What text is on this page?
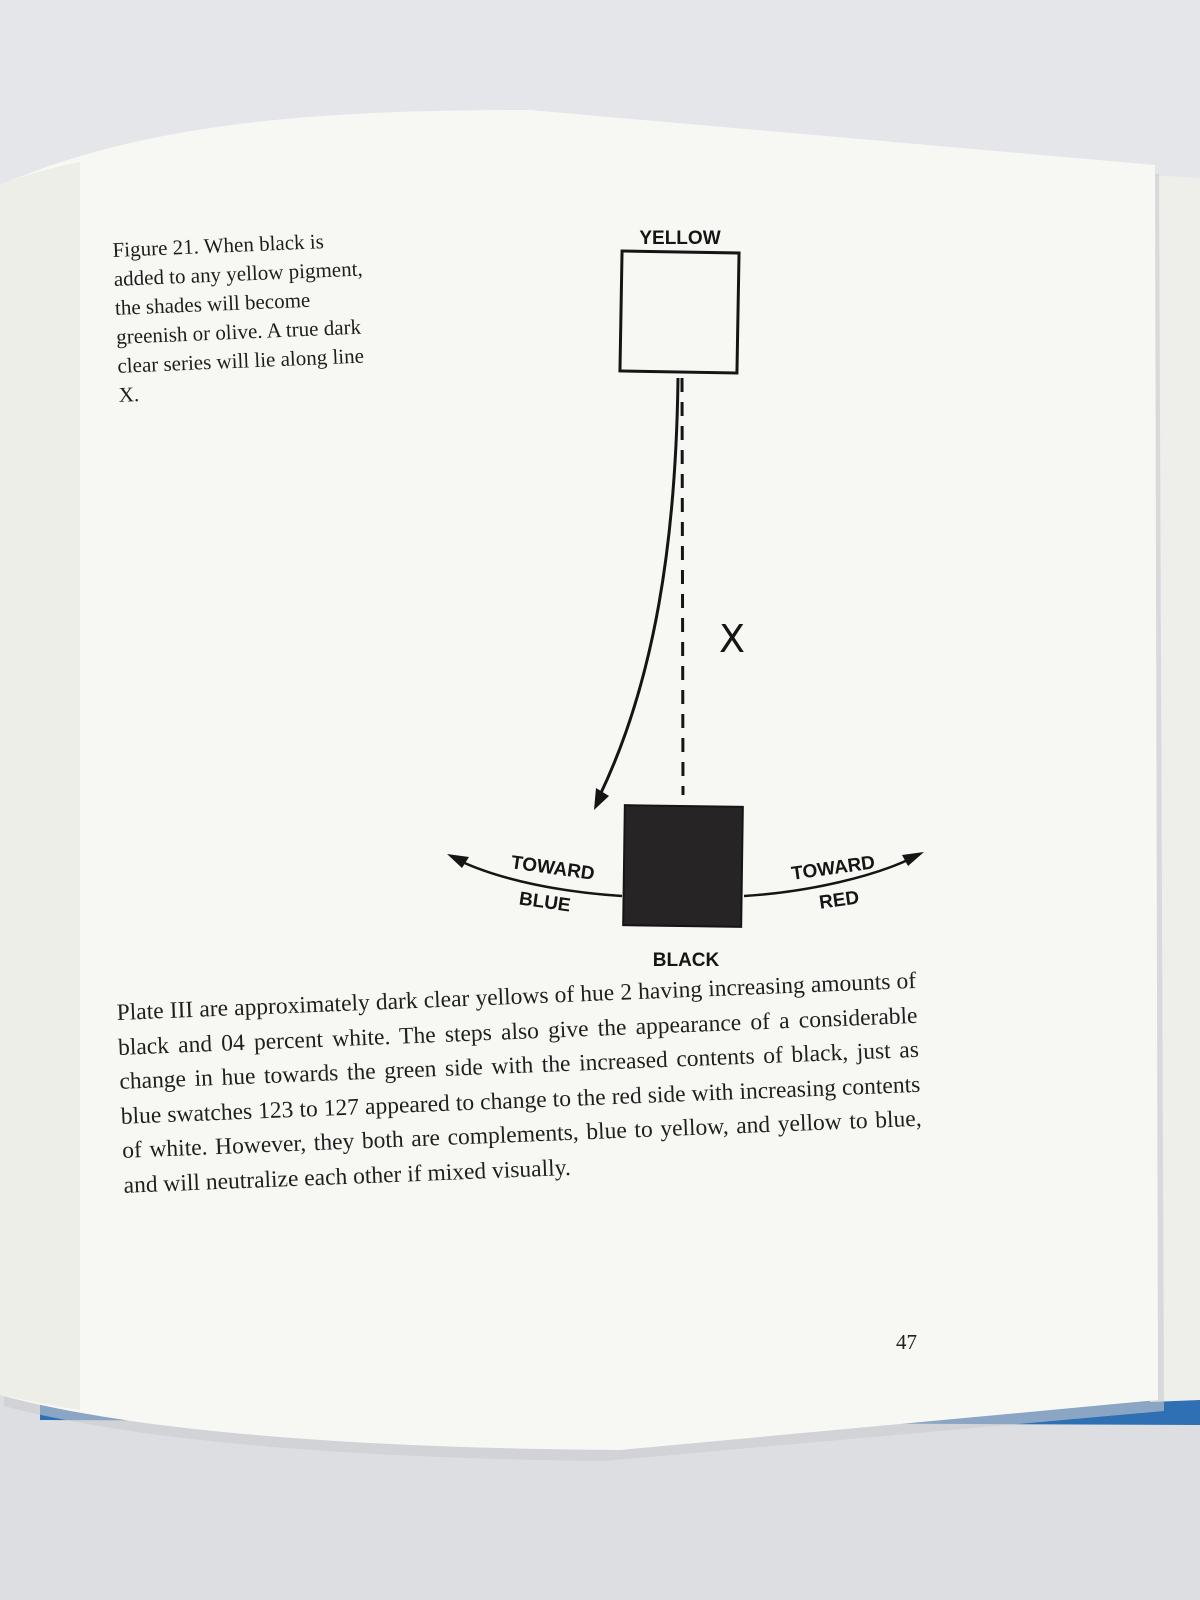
YELLOW
X
BLACK
TOWARD
BLUE
TOWARD
RED

Figure 21. When black is added to any yellow pigment, the shades will become greenish or olive. A true dark clear series will lie along line X.

Plate III are approximately dark clear yellows of hue 2 having increasing amounts of black and 04 percent white. The steps also give the appearance of a considerable change in hue towards the green side with the increased contents of black, just as blue swatches 123 to 127 appeared to change to the red side with increasing contents of white. However, they both are complements, blue to yellow, and yellow to blue, and will neutralize each other if mixed visually.

47
